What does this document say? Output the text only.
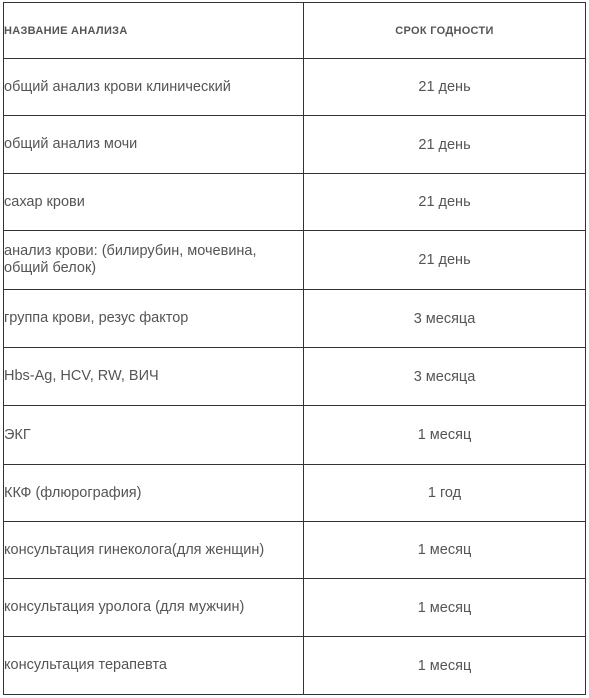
НАЗВАНИЕ АНАЛИЗА	СРОК ГОДНОСТИ
общий анализ крови клинический	21 день
общий анализ мочи	21 день
сахар крови	21 день
анализ крови: (билирубин, мочевина, общий белок)	21 день
группа крови, резус фактор	3 месяца
Hbs-Ag, HCV, RW, ВИЧ	3 месяца
ЭКГ	1 месяц
ККФ (флюрография)	1 год
консультация гинеколога(для женщин)	1 месяц
консультация уролога (для мужчин)	1 месяц
консультация терапевта	1 месяц
